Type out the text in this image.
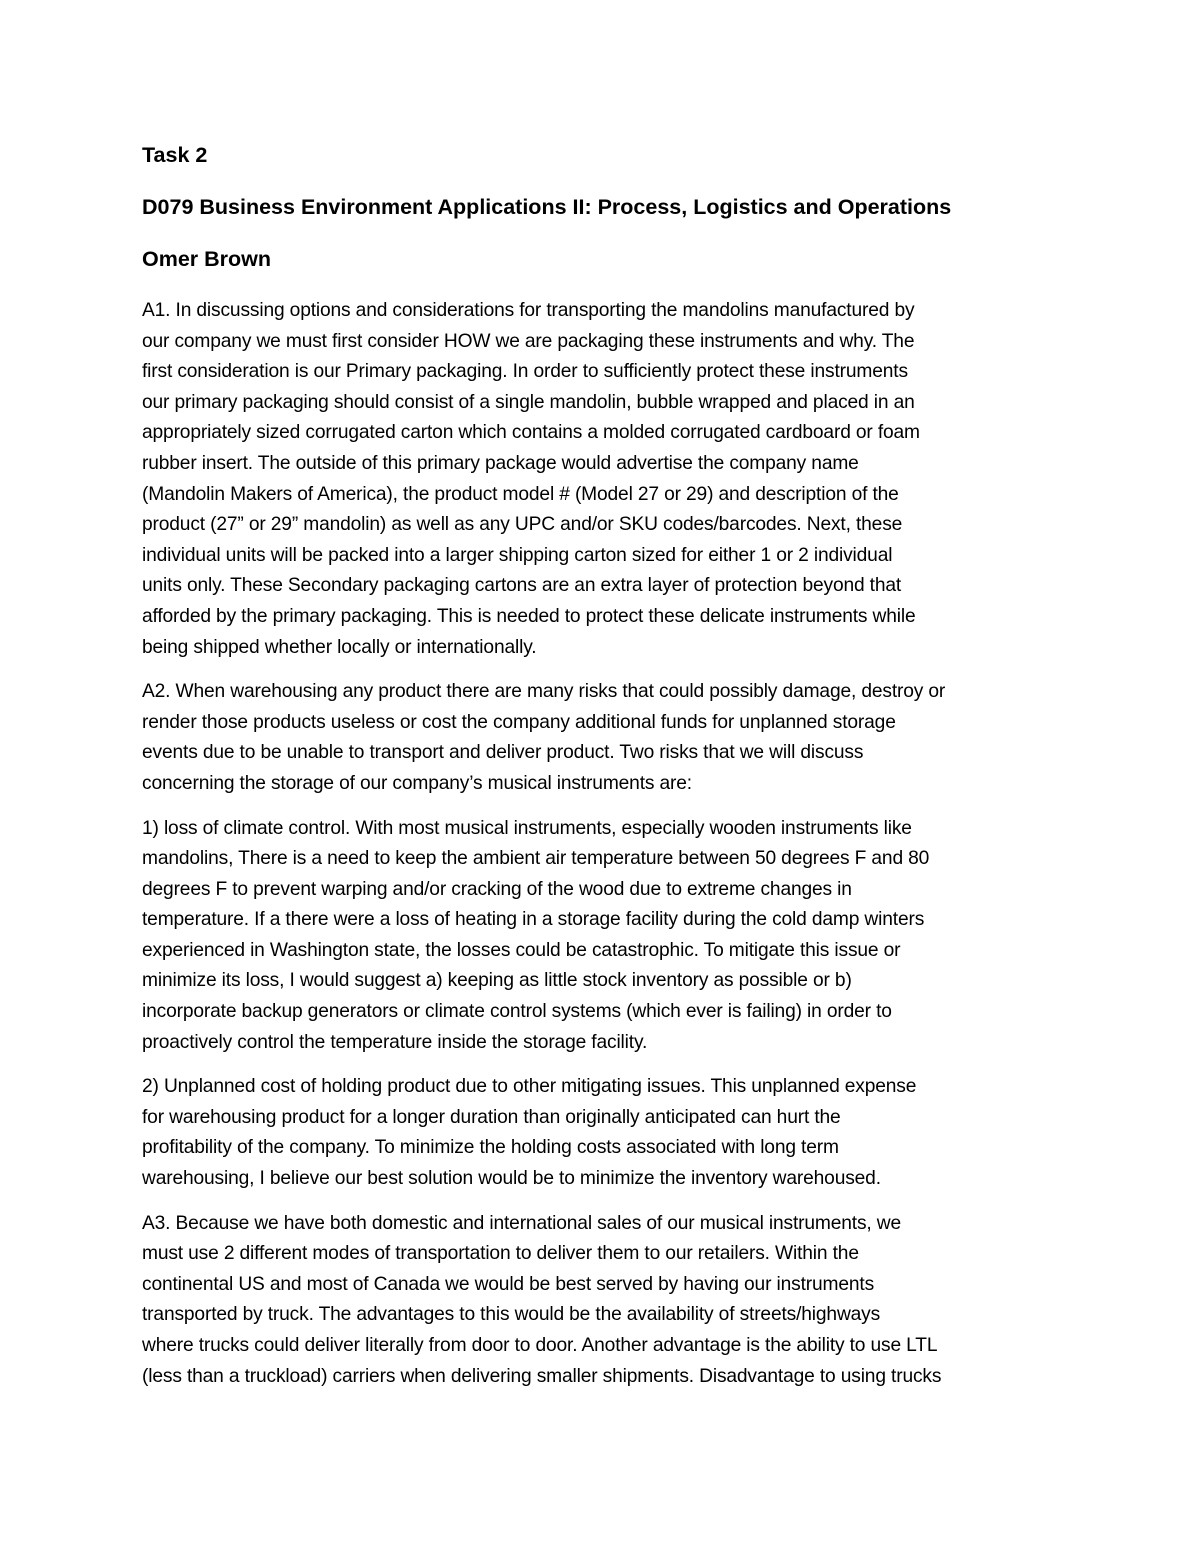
Task 2
D079 Business Environment Applications II: Process, Logistics and Operations
Omer Brown
A1. In discussing options and considerations for transporting the mandolins manufactured by
our company we must first consider HOW we are packaging these instruments and why. The
first consideration is our Primary packaging. In order to sufficiently protect these instruments
our primary packaging should consist of a single mandolin, bubble wrapped and placed in an
appropriately sized corrugated carton which contains a molded corrugated cardboard or foam
rubber insert. The outside of this primary package would advertise the company name
(Mandolin Makers of America), the product model # (Model 27 or 29) and description of the
product (27” or 29” mandolin) as well as any UPC and/or SKU codes/barcodes. Next, these
individual units will be packed into a larger shipping carton sized for either 1 or 2 individual
units only. These Secondary packaging cartons are an extra layer of protection beyond that
afforded by the primary packaging. This is needed to protect these delicate instruments while
being shipped whether locally or internationally.
A2. When warehousing any product there are many risks that could possibly damage, destroy or
render those products useless or cost the company additional funds for unplanned storage
events due to be unable to transport and deliver product. Two risks that we will discuss
concerning the storage of our company’s musical instruments are:
1) loss of climate control. With most musical instruments, especially wooden instruments like
mandolins, There is a need to keep the ambient air temperature between 50 degrees F and 80
degrees F to prevent warping and/or cracking of the wood due to extreme changes in
temperature. If a there were a loss of heating in a storage facility during the cold damp winters
experienced in Washington state, the losses could be catastrophic. To mitigate this issue or
minimize its loss, I would suggest a) keeping as little stock inventory as possible or b)
incorporate backup generators or climate control systems (which ever is failing) in order to
proactively control the temperature inside the storage facility.
2) Unplanned cost of holding product due to other mitigating issues. This unplanned expense
for warehousing product for a longer duration than originally anticipated can hurt the
profitability of the company. To minimize the holding costs associated with long term
warehousing, I believe our best solution would be to minimize the inventory warehoused.
A3. Because we have both domestic and international sales of our musical instruments, we
must use 2 different modes of transportation to deliver them to our retailers. Within the
continental US and most of Canada we would be best served by having our instruments
transported by truck. The advantages to this would be the availability of streets/highways
where trucks could deliver literally from door to door. Another advantage is the ability to use LTL
(less than a truckload) carriers when delivering smaller shipments. Disadvantage to using trucks
